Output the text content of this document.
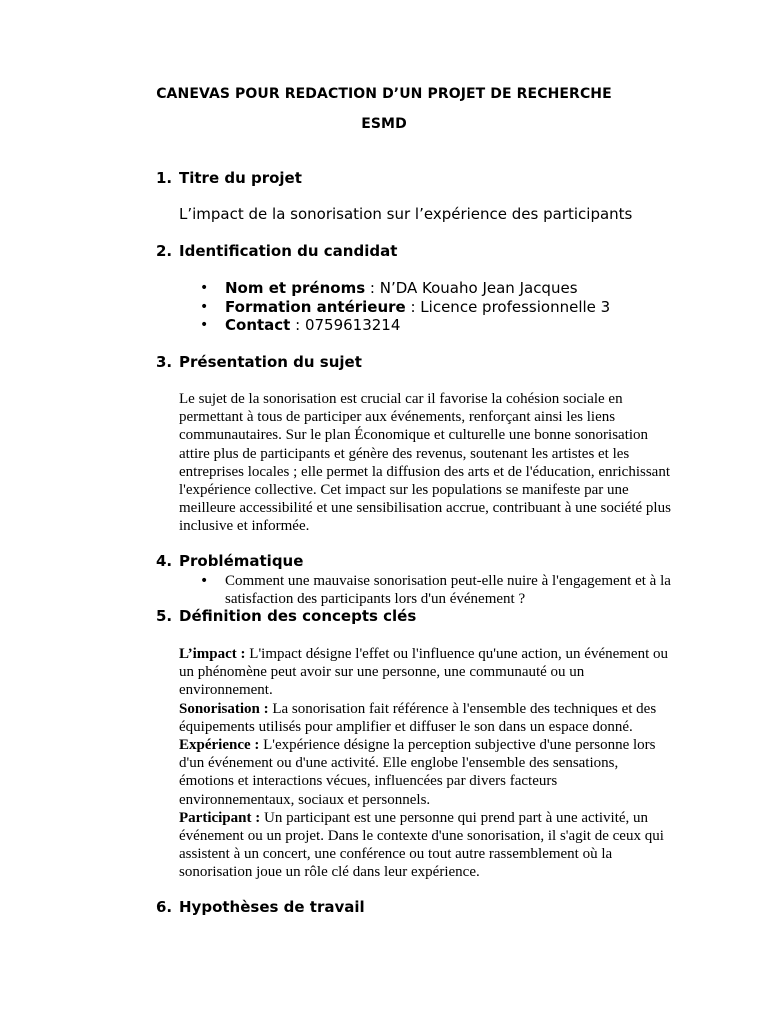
CANEVAS POUR REDACTION D’UN PROJET DE RECHERCHE
ESMD
1. Titre du projet
L’impact de la sonorisation sur l’expérience des participants
2. Identification du candidat
• Nom et prénoms : N’DA Kouaho Jean Jacques
• Formation antérieure : Licence professionnelle 3
• Contact : 0759613214
3. Présentation du sujet

Le sujet de la sonorisation est crucial car il favorise la cohésion sociale en permettant à tous de participer aux événements, renforçant ainsi les liens communautaires. Sur le plan Économique et culturelle une bonne sonorisation attire plus de participants et génère des revenus, soutenant les artistes et les entreprises locales ; elle permet la diffusion des arts et de l'éducation, enrichissant l'expérience collective. Cet impact sur les populations se manifeste par une meilleure accessibilité et une sensibilisation accrue, contribuant à une société plus inclusive et informée.

4. Problématique
•	Comment une mauvaise sonorisation peut-elle nuire à l'engagement et à la satisfaction des participants lors d'un événement ?
5. Définition des concepts clés

L’impact : L'impact désigne l'effet ou l'influence qu'une action, un événement ou un phénomène peut avoir sur une personne, une communauté ou un environnement.

Sonorisation : La sonorisation fait référence à l'ensemble des techniques et des équipements utilisés pour amplifier et diffuser le son dans un espace donné.

Expérience : L'expérience désigne la perception subjective d'une personne lors d'un événement ou d'une activité. Elle englobe l'ensemble des sensations, émotions et interactions vécues, influencées par divers facteurs environnementaux, sociaux et personnels.

Participant : Un participant est une personne qui prend part à une activité, un événement ou un projet. Dans le contexte d'une sonorisation, il s'agit de ceux qui assistent à un concert, une conférence ou tout autre rassemblement où la sonorisation joue un rôle clé dans leur expérience.

6. Hypothèses de travail
